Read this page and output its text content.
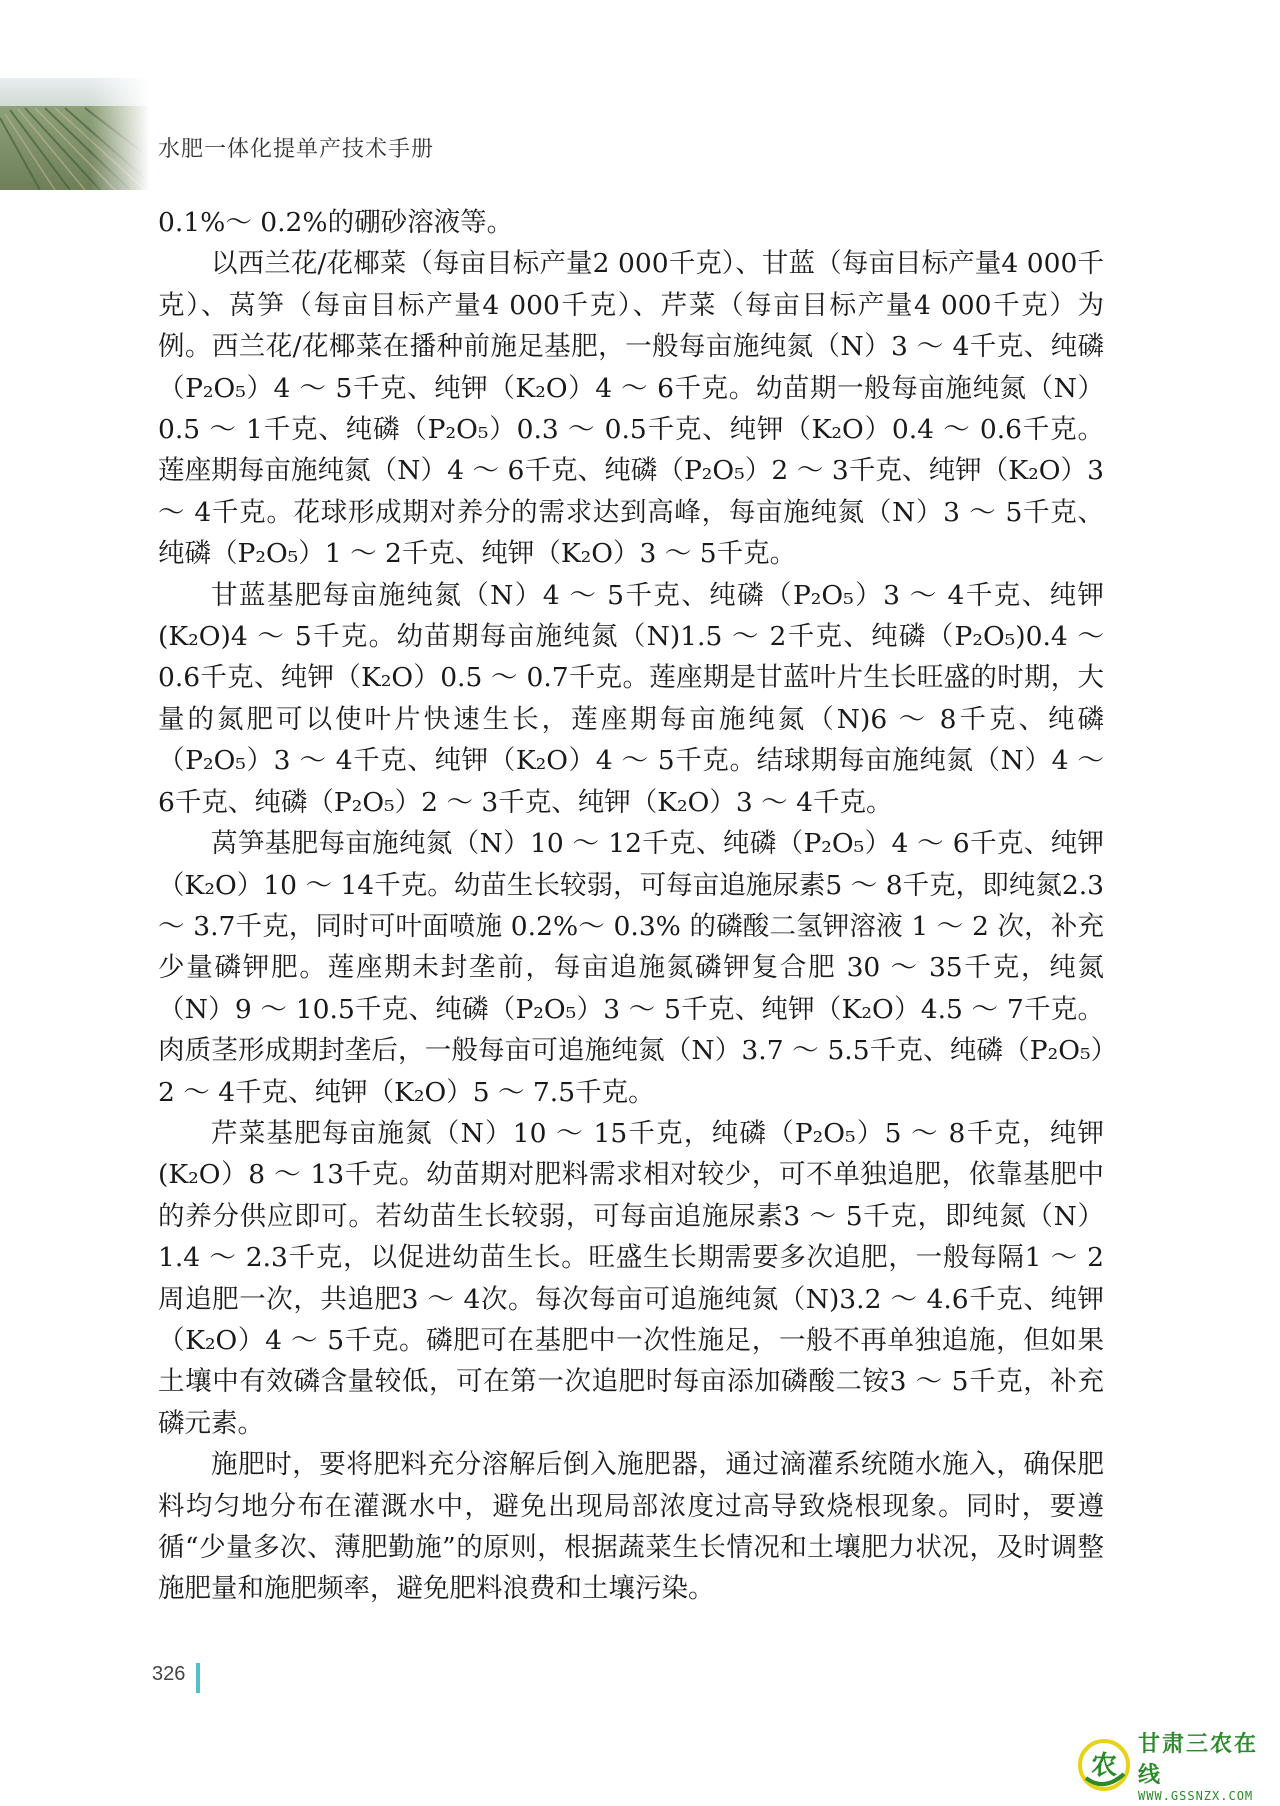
水肥一体化提单产技术手册

0.1%～ 0.2%的硼砂溶液等。

以西兰花/花椰菜（每亩目标产量2 000千克）、甘蓝（每亩目标产量4 000千克）、莴笋（每亩目标产量4 000千克）、芹菜（每亩目标产量4 000千克）为例。西兰花/花椰菜在播种前施足基肥，一般每亩施纯氮（N）3 ～ 4千克、纯磷（P₂O₅）4 ～ 5千克、纯钾（K₂O）4 ～ 6千克。幼苗期一般每亩施纯氮（N）0.5 ～ 1千克、纯磷（P₂O₅）0.3 ～ 0.5千克、纯钾（K₂O）0.4 ～ 0.6千克。莲座期每亩施纯氮（N）4 ～ 6千克、纯磷（P₂O₅）2 ～ 3千克、纯钾（K₂O）3 ～ 4千克。花球形成期对养分的需求达到高峰，每亩施纯氮（N）3 ～ 5千克、纯磷（P₂O₅）1 ～ 2千克、纯钾（K₂O）3 ～ 5千克。

甘蓝基肥每亩施纯氮（N）4 ～ 5千克、纯磷（P₂O₅）3 ～ 4千克、纯钾(K₂O)4 ～ 5千克。幼苗期每亩施纯氮（N)1.5 ～ 2千克、纯磷（P₂O₅)0.4 ～ 0.6千克、纯钾（K₂O）0.5 ～ 0.7千克。莲座期是甘蓝叶片生长旺盛的时期，大量的氮肥可以使叶片快速生长，莲座期每亩施纯氮（N)6 ～ 8千克、纯磷（P₂O₅）3 ～ 4千克、纯钾（K₂O）4 ～ 5千克。结球期每亩施纯氮（N）4 ～ 6千克、纯磷（P₂O₅）2 ～ 3千克、纯钾（K₂O）3 ～ 4千克。

莴笋基肥每亩施纯氮（N）10 ～ 12千克、纯磷（P₂O₅）4 ～ 6千克、纯钾（K₂O）10 ～ 14千克。幼苗生长较弱，可每亩追施尿素5 ～ 8千克，即纯氮2.3 ～ 3.7千克，同时可叶面喷施 0.2%～ 0.3% 的磷酸二氢钾溶液 1 ～ 2 次，补充少量磷钾肥。莲座期未封垄前，每亩追施氮磷钾复合肥 30 ～ 35千克，纯氮（N）9 ～ 10.5千克、纯磷（P₂O₅）3 ～ 5千克、纯钾（K₂O）4.5 ～ 7千克。肉质茎形成期封垄后，一般每亩可追施纯氮（N）3.7 ～ 5.5千克、纯磷（P₂O₅）2 ～ 4千克、纯钾（K₂O）5 ～ 7.5千克。

芹菜基肥每亩施氮（N）10 ～ 15千克，纯磷（P₂O₅）5 ～ 8千克，纯钾(K₂O）8 ～ 13千克。幼苗期对肥料需求相对较少，可不单独追肥，依靠基肥中的养分供应即可。若幼苗生长较弱，可每亩追施尿素3 ～ 5千克，即纯氮（N）1.4 ～ 2.3千克，以促进幼苗生长。旺盛生长期需要多次追肥，一般每隔1 ～ 2周追肥一次，共追肥3 ～ 4次。每次每亩可追施纯氮（N)3.2 ～ 4.6千克、纯钾（K₂O）4 ～ 5千克。磷肥可在基肥中一次性施足，一般不再单独追施，但如果土壤中有效磷含量较低，可在第一次追肥时每亩添加磷酸二铵3 ～ 5千克，补充磷元素。

施肥时，要将肥料充分溶解后倒入施肥器，通过滴灌系统随水施入，确保肥料均匀地分布在灌溉水中，避免出现局部浓度过高导致烧根现象。同时，要遵循“少量多次、薄肥勤施”的原则，根据蔬菜生长情况和土壤肥力状况，及时调整施肥量和施肥频率，避免肥料浪费和土壤污染。

326
农
甘肃三农在线
WWW.GSSNZX.COM
